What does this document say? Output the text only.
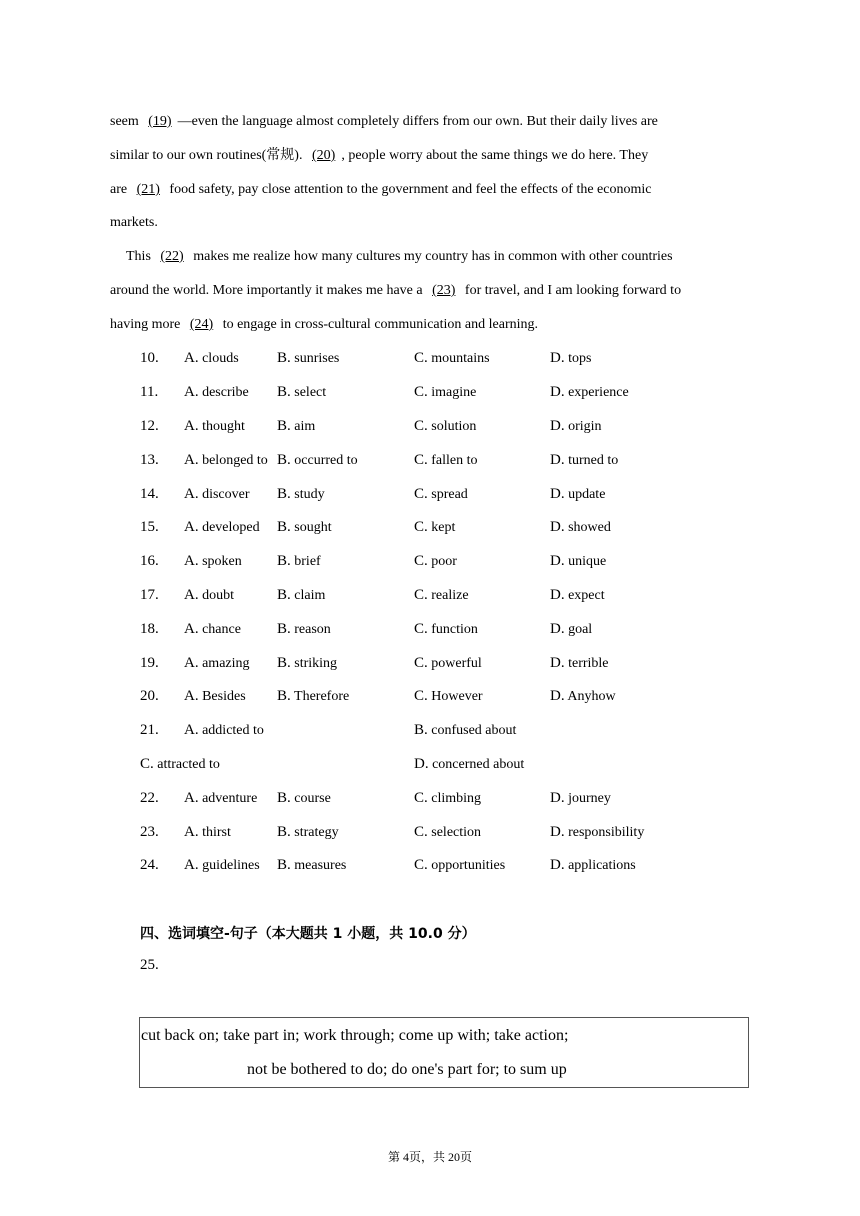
seem (19) —even the language almost completely differs from our own. But their daily lives are
similar to our own routines(常规). (20) , people worry about the same things we do here. They
are (21) food safety, pay close attention to the government and feel the effects of the economic
markets.
This (22) makes me realize how many cultures my country has in common with other countries
around the world. More importantly it makes me have a (23) for travel, and I am looking forward to
having more (24) to engage in cross-cultural communication and learning.
10. A. clouds	B. sunrises	C. mountains	D. tops
11. A. describe B. select	C. imagine	D. experience
12. A. thought B. aim	C. solution	D. origin
13. A. belonged to B. occurred to	C. fallen to	D. turned to
14. A. discover B. study	C. spread	D. update
15. A. developed B. sought	C. kept	D. showed
16. A. spoken B. brief	C. poor	D. unique
17. A. doubt	B. claim	C. realize	D. expect
18. A. chance B. reason	C. function	D. goal
19. A. amazing B. striking	C. powerful	D. terrible
20. A. Besides B. Therefore	C. However	D. Anyhow
21. A. addicted to	B. confused about
C. attracted to	D. concerned about
22. A. adventure B. course	C. climbing	D. journey
23. A. thirst	B. strategy	C. selection	D. responsibility
24. A. guidelines B. measures	C. opportunities	D. applications
四、选词填空-句子（本大题共 1 小题，共 10.0 分）
25.
cut back on; take part in; work through; come up with; take action;
not be bothered to do; do one's part for; to sum up
第 4页，共 20页
